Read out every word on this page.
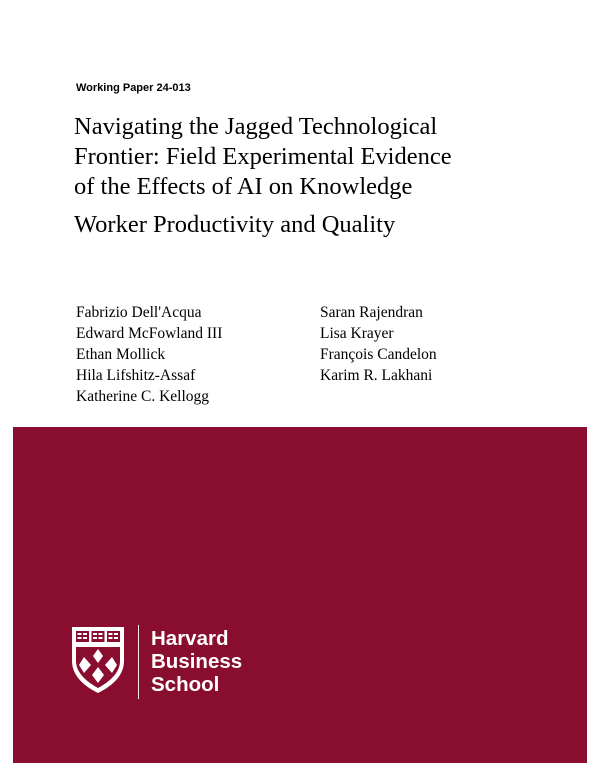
Working Paper 24-013

Navigating the Jagged Technological
Frontier: Field Experimental Evidence
of the Effects of AI on Knowledge
Worker Productivity and Quality
Fabrizio Dell'Acqua
Edward McFowland III
Ethan Mollick
Hila Lifshitz-Assaf
Katherine C. Kellogg
Saran Rajendran
Lisa Krayer
François Candelon
Karim R. Lakhani
Harvard
Business
School
